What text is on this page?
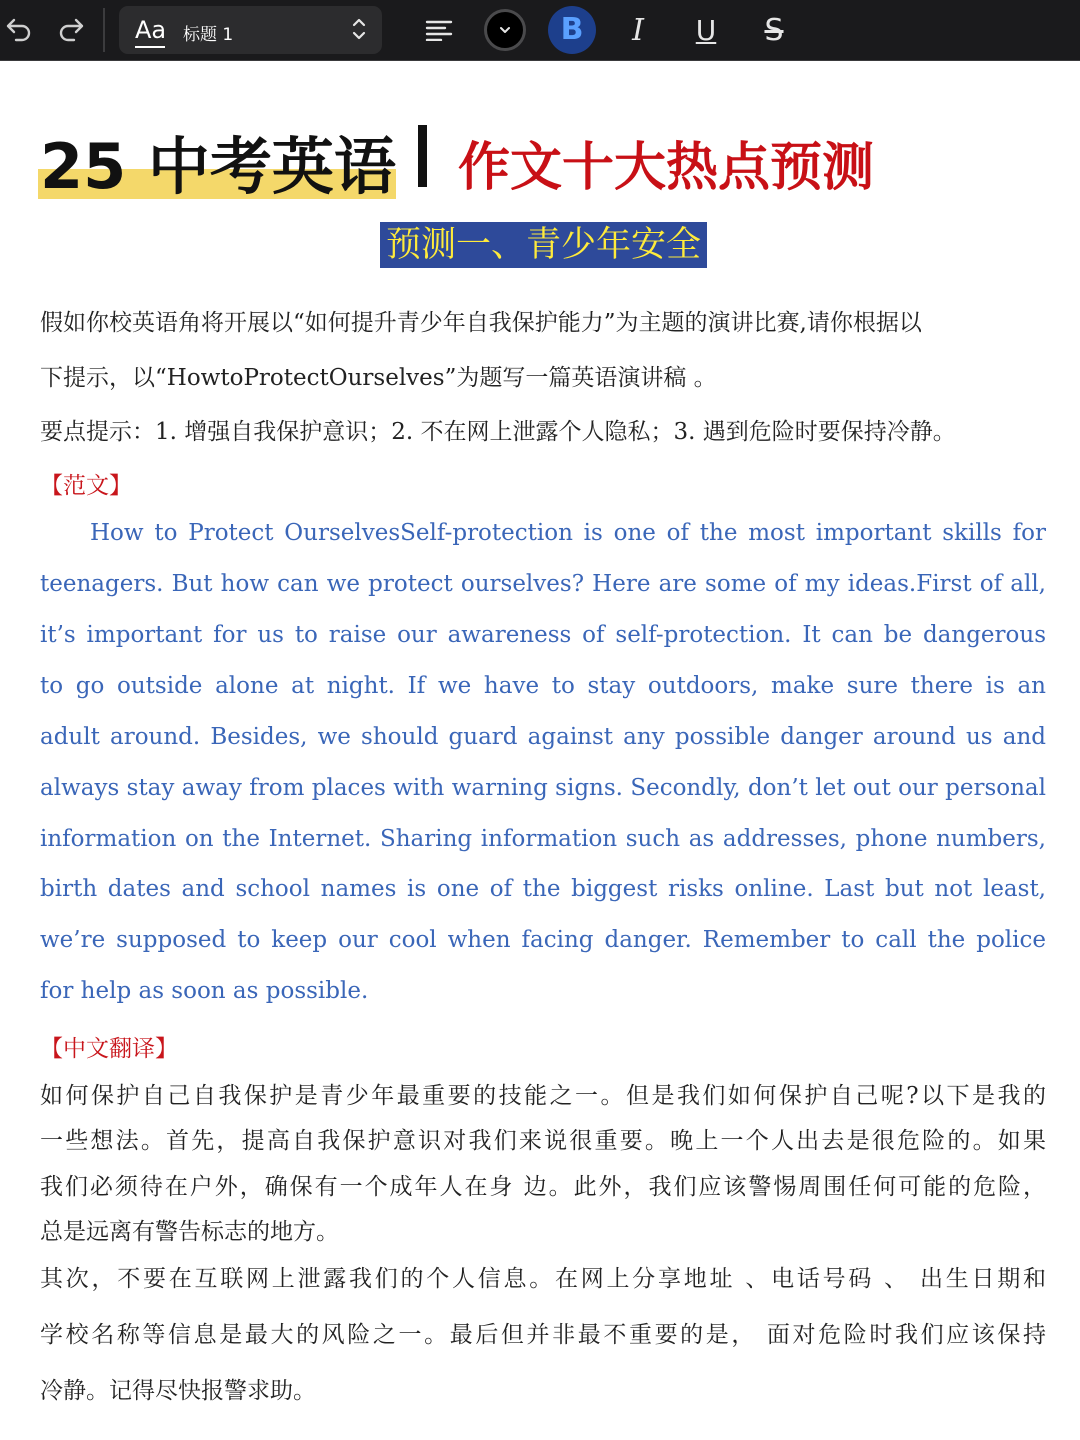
Aa 标题 1	B	I U S
25 中考英语 作文十大热点预测
预测一、青少年安全
假如你校英语角将开展以“如何提升青少年自我保护能力”为主题的演讲比赛,请你根据以
下提示，以“HowtoProtectOurselves”为题写一篇英语演讲稿 。
要点提示：1. 增强自我保护意识；2. 不在网上泄露个人隐私；3. 遇到危险时要保持冷静。
【范文】
How to Protect OurselvesSelf-protection is one of the most important skills for
teenagers. But how can we protect ourselves? Here are some of my ideas.First of all,
it’s important for us to raise our awareness of self-protection. It can be dangerous
to go outside alone at night. If we have to stay outdoors, make sure there is an
adult around. Besides, we should guard against any possible danger around us and
always stay away from places with warning signs. Secondly, don’t let out our personal
information on the Internet. Sharing information such as addresses, phone numbers,
birth dates and school names is one of the biggest risks online. Last but not least,
we’re supposed to keep our cool when facing danger. Remember to call the police
for help as soon as possible.
【中文翻译】
如何保护自己自我保护是青少年最重要的技能之一。但是我们如何保护自己呢?以下是我的
一些想法。首先，提高自我保护意识对我们来说很重要。晚上一个人出去是很危险的。如果
我们必须待在户外，确保有一个成年人在身 边。此外，我们应该警惕周围任何可能的危险，
总是远离有警告标志的地方。
其次，不要在互联网上泄露我们的个人信息。在网上分享地址 、电话号码 、 出生日期和
学校名称等信息是最大的风险之一。最后但并非最不重要的是， 面对危险时我们应该保持
冷静。记得尽快报警求助。
